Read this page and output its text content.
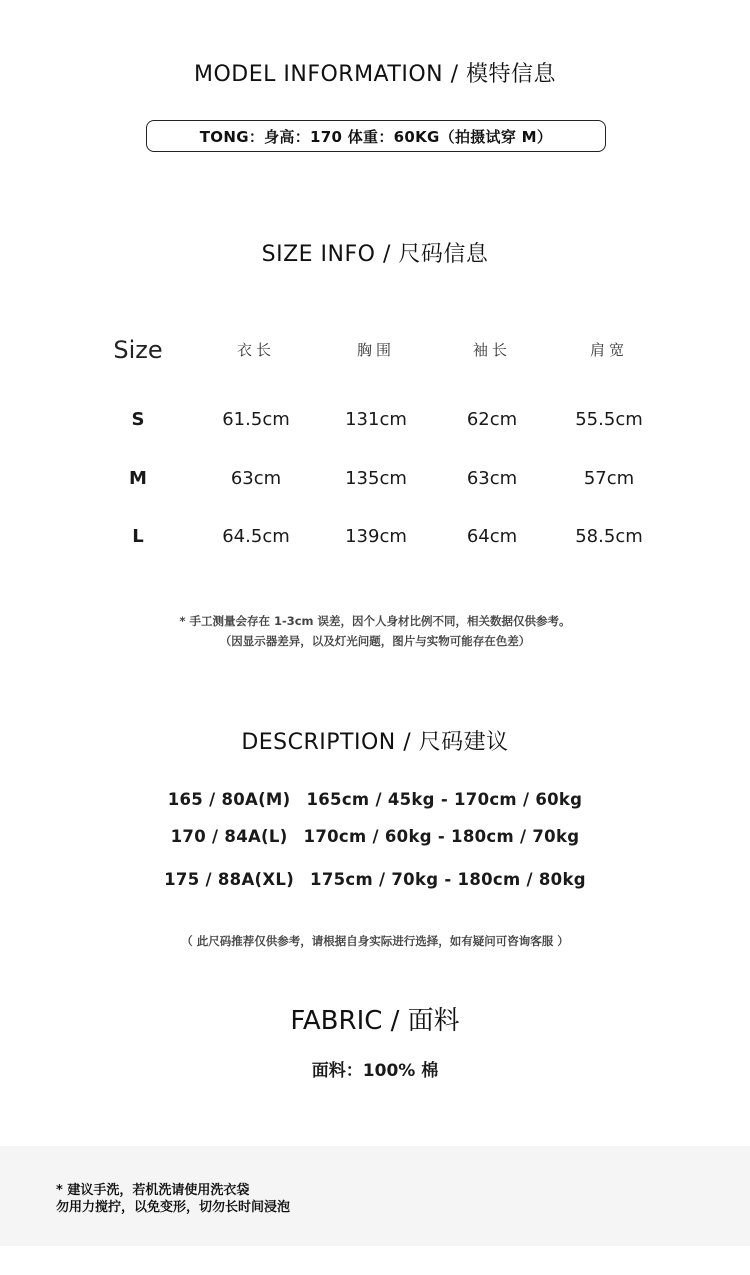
MODEL INFORMATION / 模特信息
TONG：身高：170 体重：60KG（拍摄试穿 M）
SIZE INFO / 尺码信息
Size	衣长	胸围	袖长	肩宽
S	61.5cm	131cm	62cm	55.5cm
M	63cm	135cm	63cm	57cm
L	64.5cm	139cm	64cm	58.5cm
* 手工测量会存在 1-3cm 误差，因个人身材比例不同，相关数据仅供参考。
（因显示器差异，以及灯光问题，图片与实物可能存在色差）
DESCRIPTION / 尺码建议
165 / 80A(M) 165cm / 45kg - 170cm / 60kg
170 / 84A(L) 170cm / 60kg - 180cm / 70kg
175 / 88A(XL) 175cm / 70kg - 180cm / 80kg
（ 此尺码推荐仅供参考，请根据自身实际进行选择，如有疑问可咨询客服 ）
FABRIC / 面料
面料：100% 棉
* 建议手洗，若机洗请使用洗衣袋
勿用力搅拧，以免变形，切勿长时间浸泡
